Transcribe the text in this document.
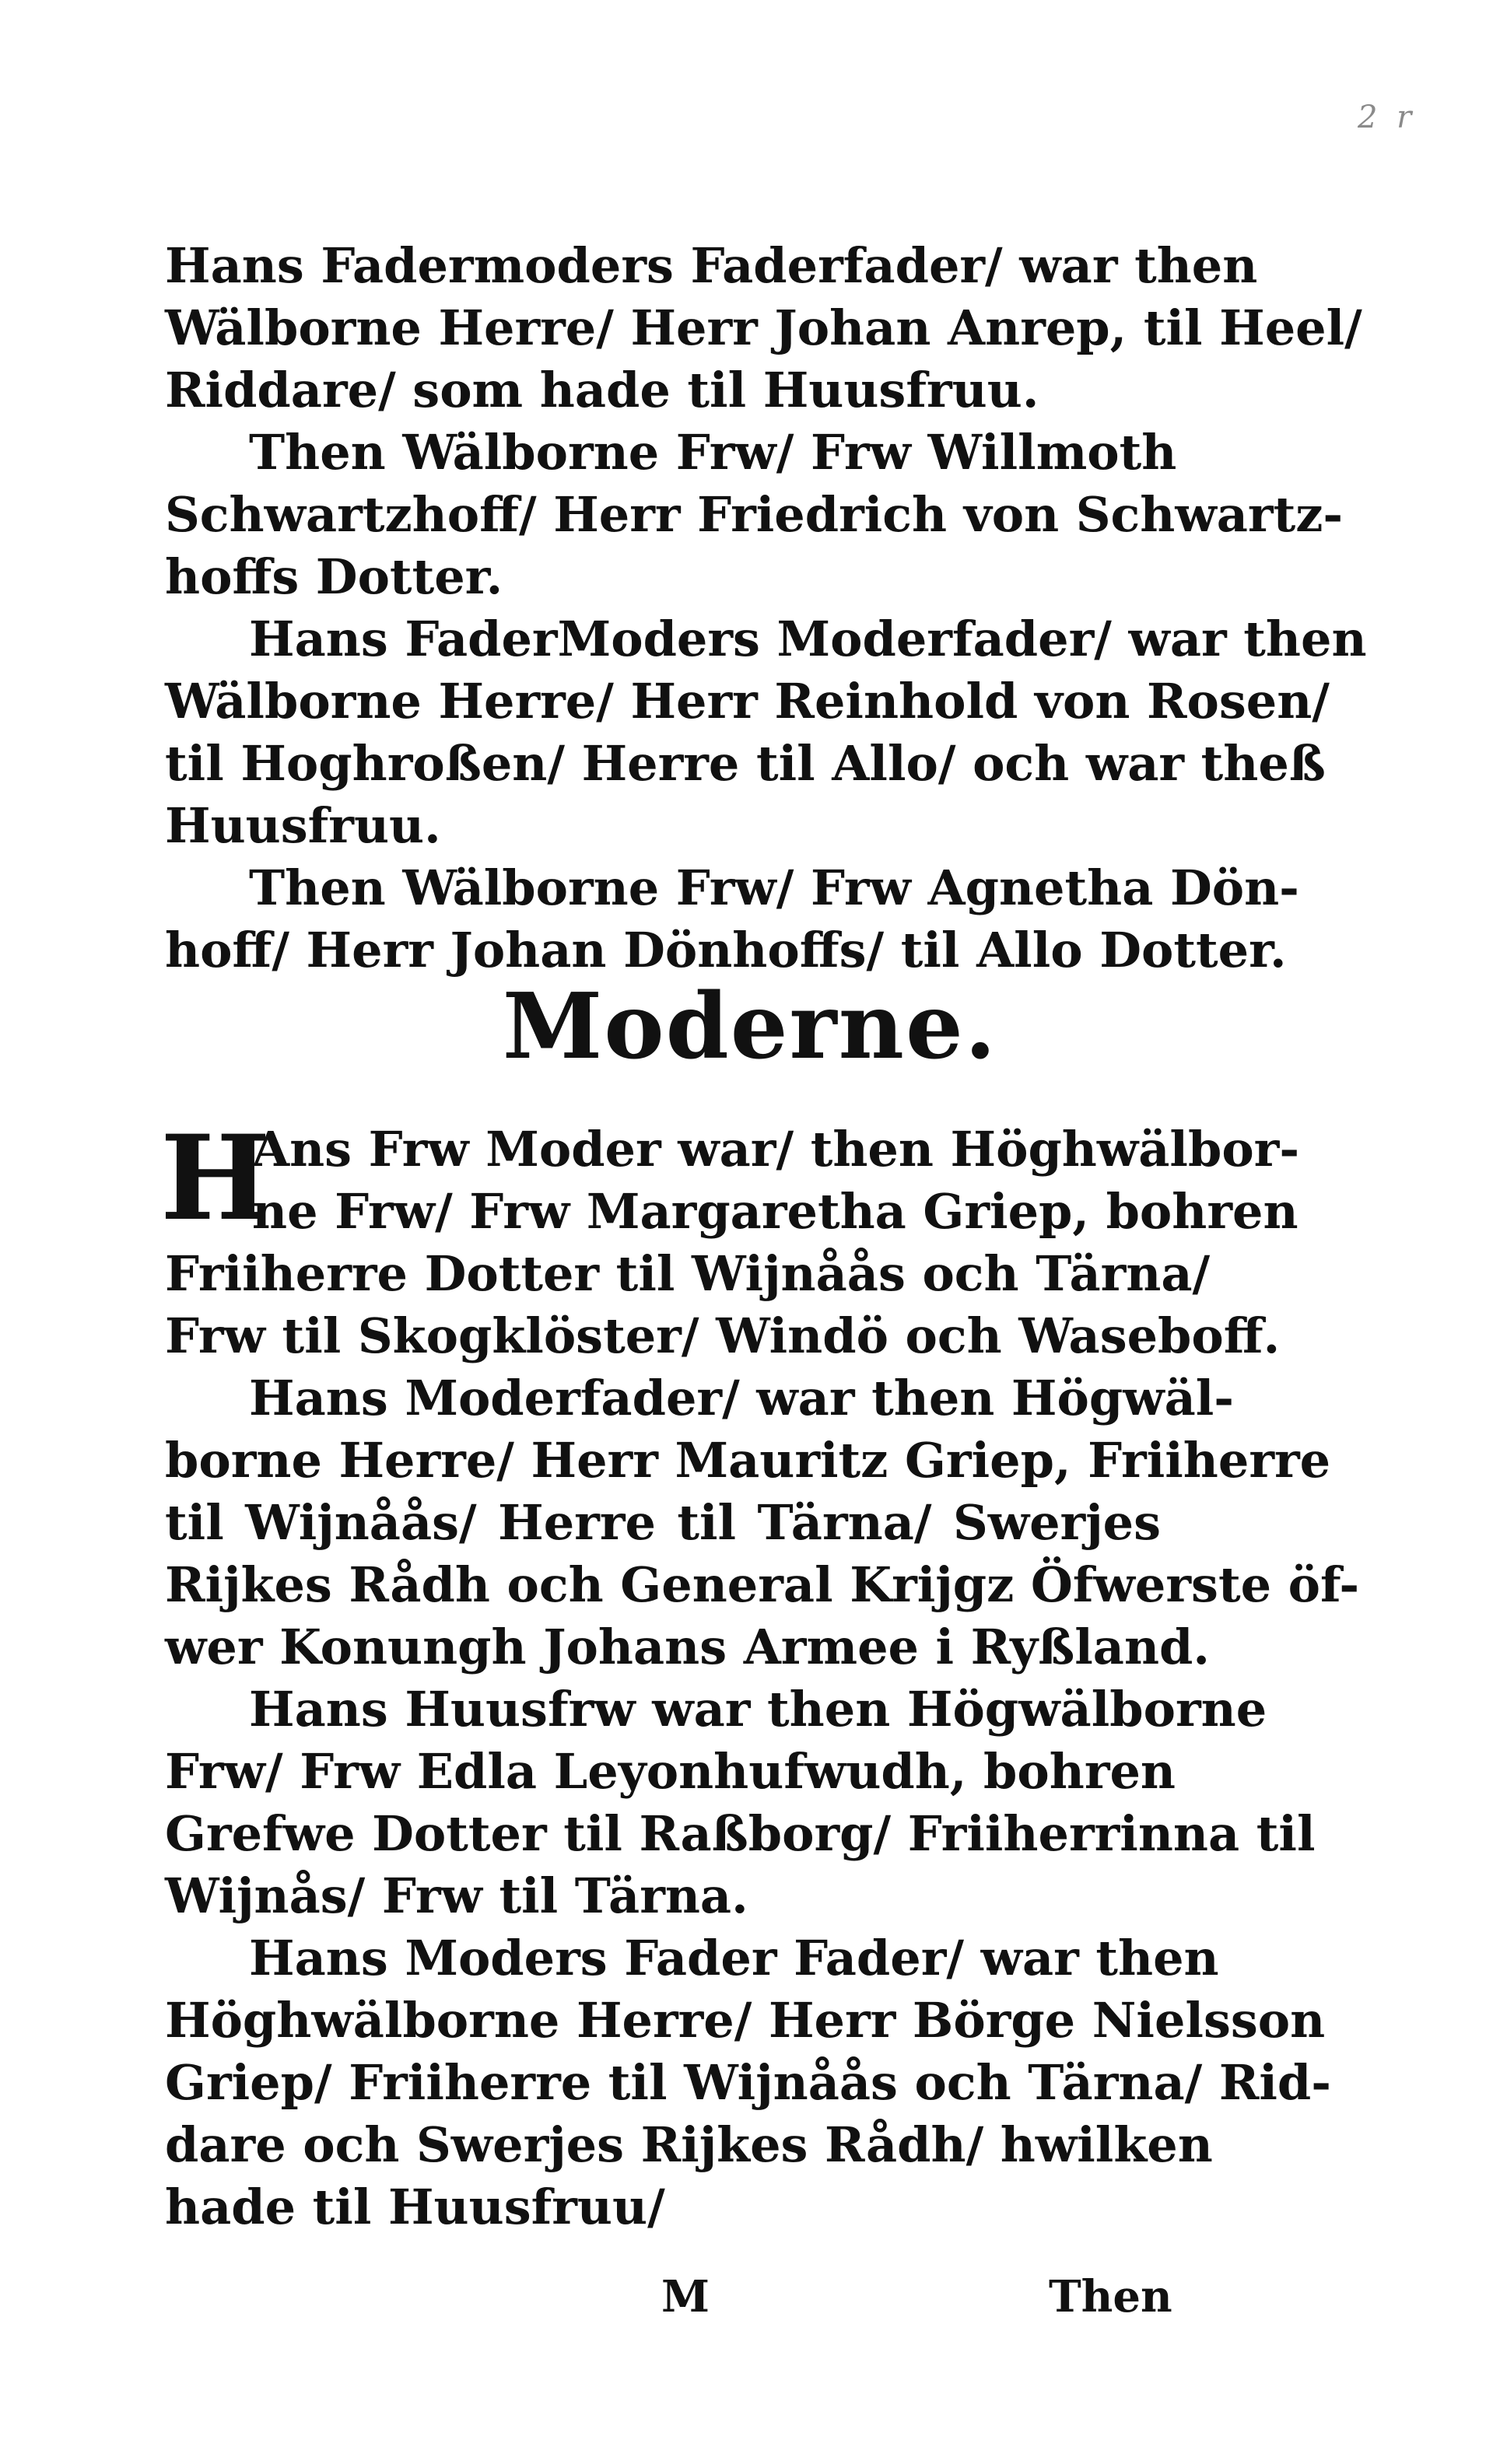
2 r
Hans Fadermoders Faderfader/ war then
Wälborne Herre/ Herr Johan Anrep, til Heel/
Riddare/ som hade til Huusfruu.
Then Wälborne Frw/ Frw Willmoth
Schwartzhoff/ Herr Friedrich von Schwartz-
hoffs Dotter.
Hans FaderModers Moderfader/ war then
Wälborne Herre/ Herr Reinhold von Rosen/
til Hoghroßen/ Herre til Allo/ och war theß
Huusfruu.
Then Wälborne Frw/ Frw Agnetha Dön-
hoff/ Herr Johan Dönhoffs/ til Allo Dotter.
Moderne.
H
Ans Frw Moder war/ then Höghwälbor-
ne Frw/ Frw Margaretha Griep, bohren
Friiherre Dotter til Wijnåås och Tärna/
Frw til Skogklöster/ Windö och Waseboff.
Hans Moderfader/ war then Högwäl-
borne Herre/ Herr Mauritz Griep, Friiherre
til Wijnåås/ Herre til Tärna/ Swerjes
Rijkes Rådh och General Krijgz Öfwerste öf-
wer Konungh Johans Armee i Ryßland.
Hans Huusfrw war then Högwälborne
Frw/ Frw Edla Leyonhufwudh, bohren
Grefwe Dotter til Raßborg/ Friiherrinna til
Wijnås/ Frw til Tärna.
Hans Moders Fader Fader/ war then
Höghwälborne Herre/ Herr Börge Nielsson
Griep/ Friiherre til Wijnåås och Tärna/ Rid-
dare och Swerjes Rijkes Rådh/ hwilken
hade til Huusfruu/
M	Then
